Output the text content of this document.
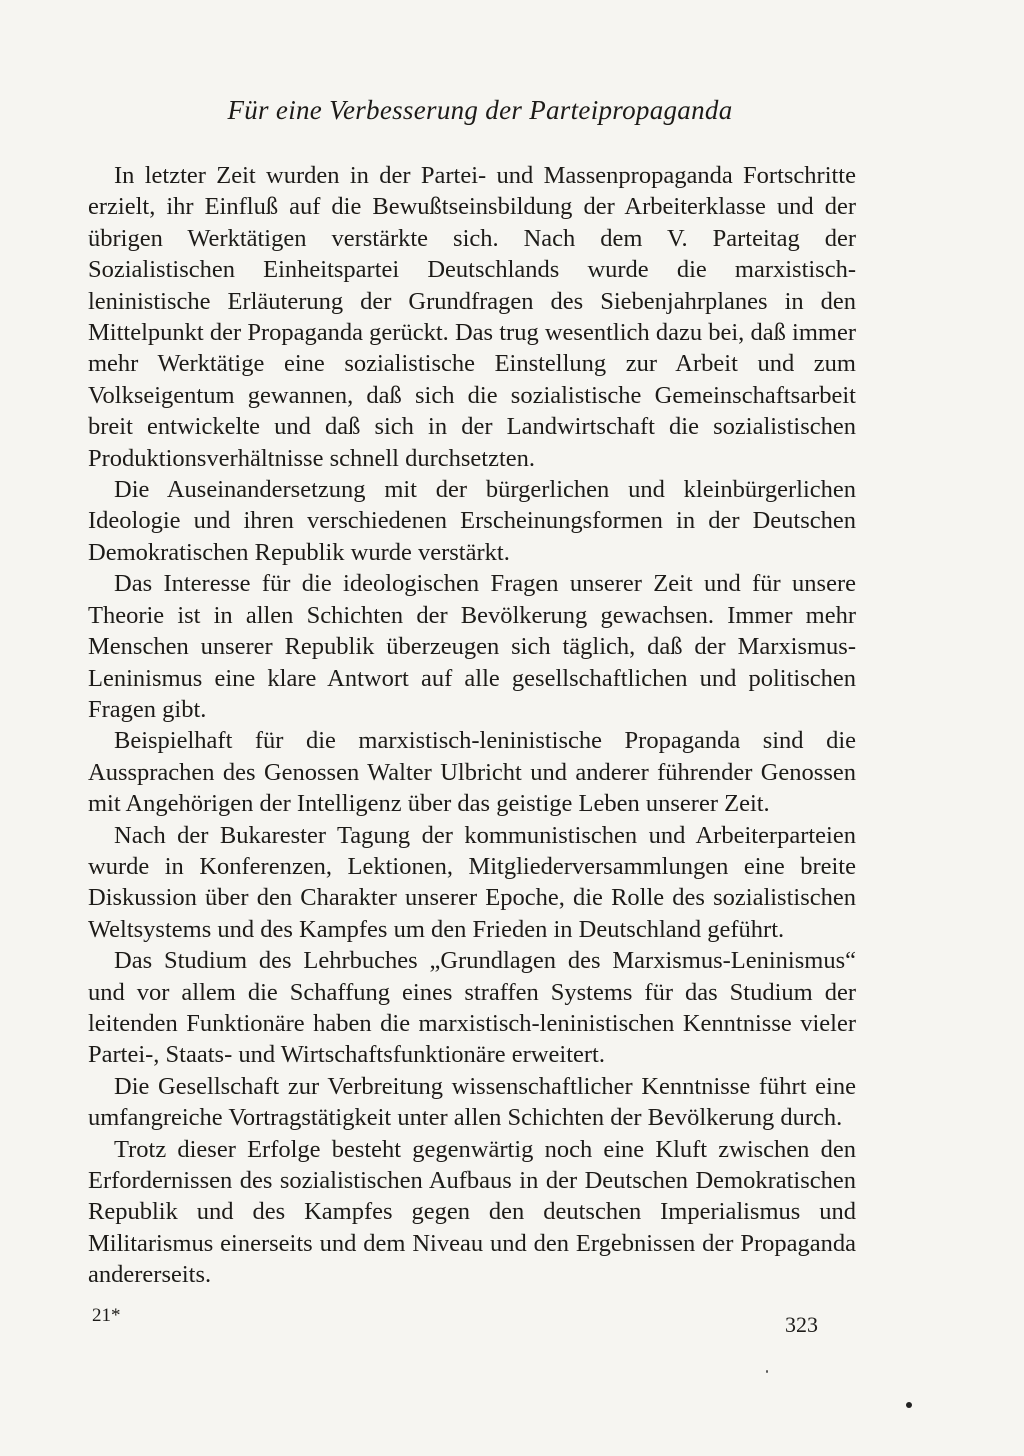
Für eine Verbesserung der Parteipropaganda

In letzter Zeit wurden in der Partei- und Massenpropaganda Fortschritte erzielt, ihr Einfluß auf die Bewußtseinsbildung der Arbeiterklasse und der übrigen Werktätigen verstärkte sich. Nach dem V. Parteitag der Sozialistischen Einheitspartei Deutschlands wurde die marxistisch-leninistische Erläuterung der Grundfragen des Siebenjahrplanes in den Mittelpunkt der Propaganda gerückt. Das trug wesentlich dazu bei, daß immer mehr Werktätige eine sozialistische Einstellung zur Arbeit und zum Volkseigentum gewannen, daß sich die sozialistische Gemeinschaftsarbeit breit entwickelte und daß sich in der Landwirtschaft die sozialistischen Produktionsverhältnisse schnell durchsetzten.

Die Auseinandersetzung mit der bürgerlichen und kleinbürgerlichen Ideologie und ihren verschiedenen Erscheinungsformen in der Deutschen Demokratischen Republik wurde verstärkt.

Das Interesse für die ideologischen Fragen unserer Zeit und für unsere Theorie ist in allen Schichten der Bevölkerung gewachsen. Immer mehr Menschen unserer Republik überzeugen sich täglich, daß der Marxismus-Leninismus eine klare Antwort auf alle gesellschaftlichen und politischen Fragen gibt.

Beispielhaft für die marxistisch-leninistische Propaganda sind die Aussprachen des Genossen Walter Ulbricht und anderer führender Genossen mit Angehörigen der Intelligenz über das geistige Leben unserer Zeit.

Nach der Bukarester Tagung der kommunistischen und Arbeiterparteien wurde in Konferenzen, Lektionen, Mitgliederversammlungen eine breite Diskussion über den Charakter unserer Epoche, die Rolle des sozialistischen Weltsystems und des Kampfes um den Frieden in Deutschland geführt.

Das Studium des Lehrbuches „Grundlagen des Marxismus-Leninismus“ und vor allem die Schaffung eines straffen Systems für das Studium der leitenden Funktionäre haben die marxistisch-leninistischen Kenntnisse vieler Partei-, Staats- und Wirtschaftsfunktionäre erweitert.

Die Gesellschaft zur Verbreitung wissenschaftlicher Kenntnisse führt eine umfangreiche Vortragstätigkeit unter allen Schichten der Bevölkerung durch.

Trotz dieser Erfolge besteht gegenwärtig noch eine Kluft zwischen den Erfordernissen des sozialistischen Aufbaus in der Deutschen Demokratischen Republik und des Kampfes gegen den deutschen Imperialismus und Militarismus einerseits und dem Niveau und den Ergebnissen der Propaganda andererseits.

21*	323
